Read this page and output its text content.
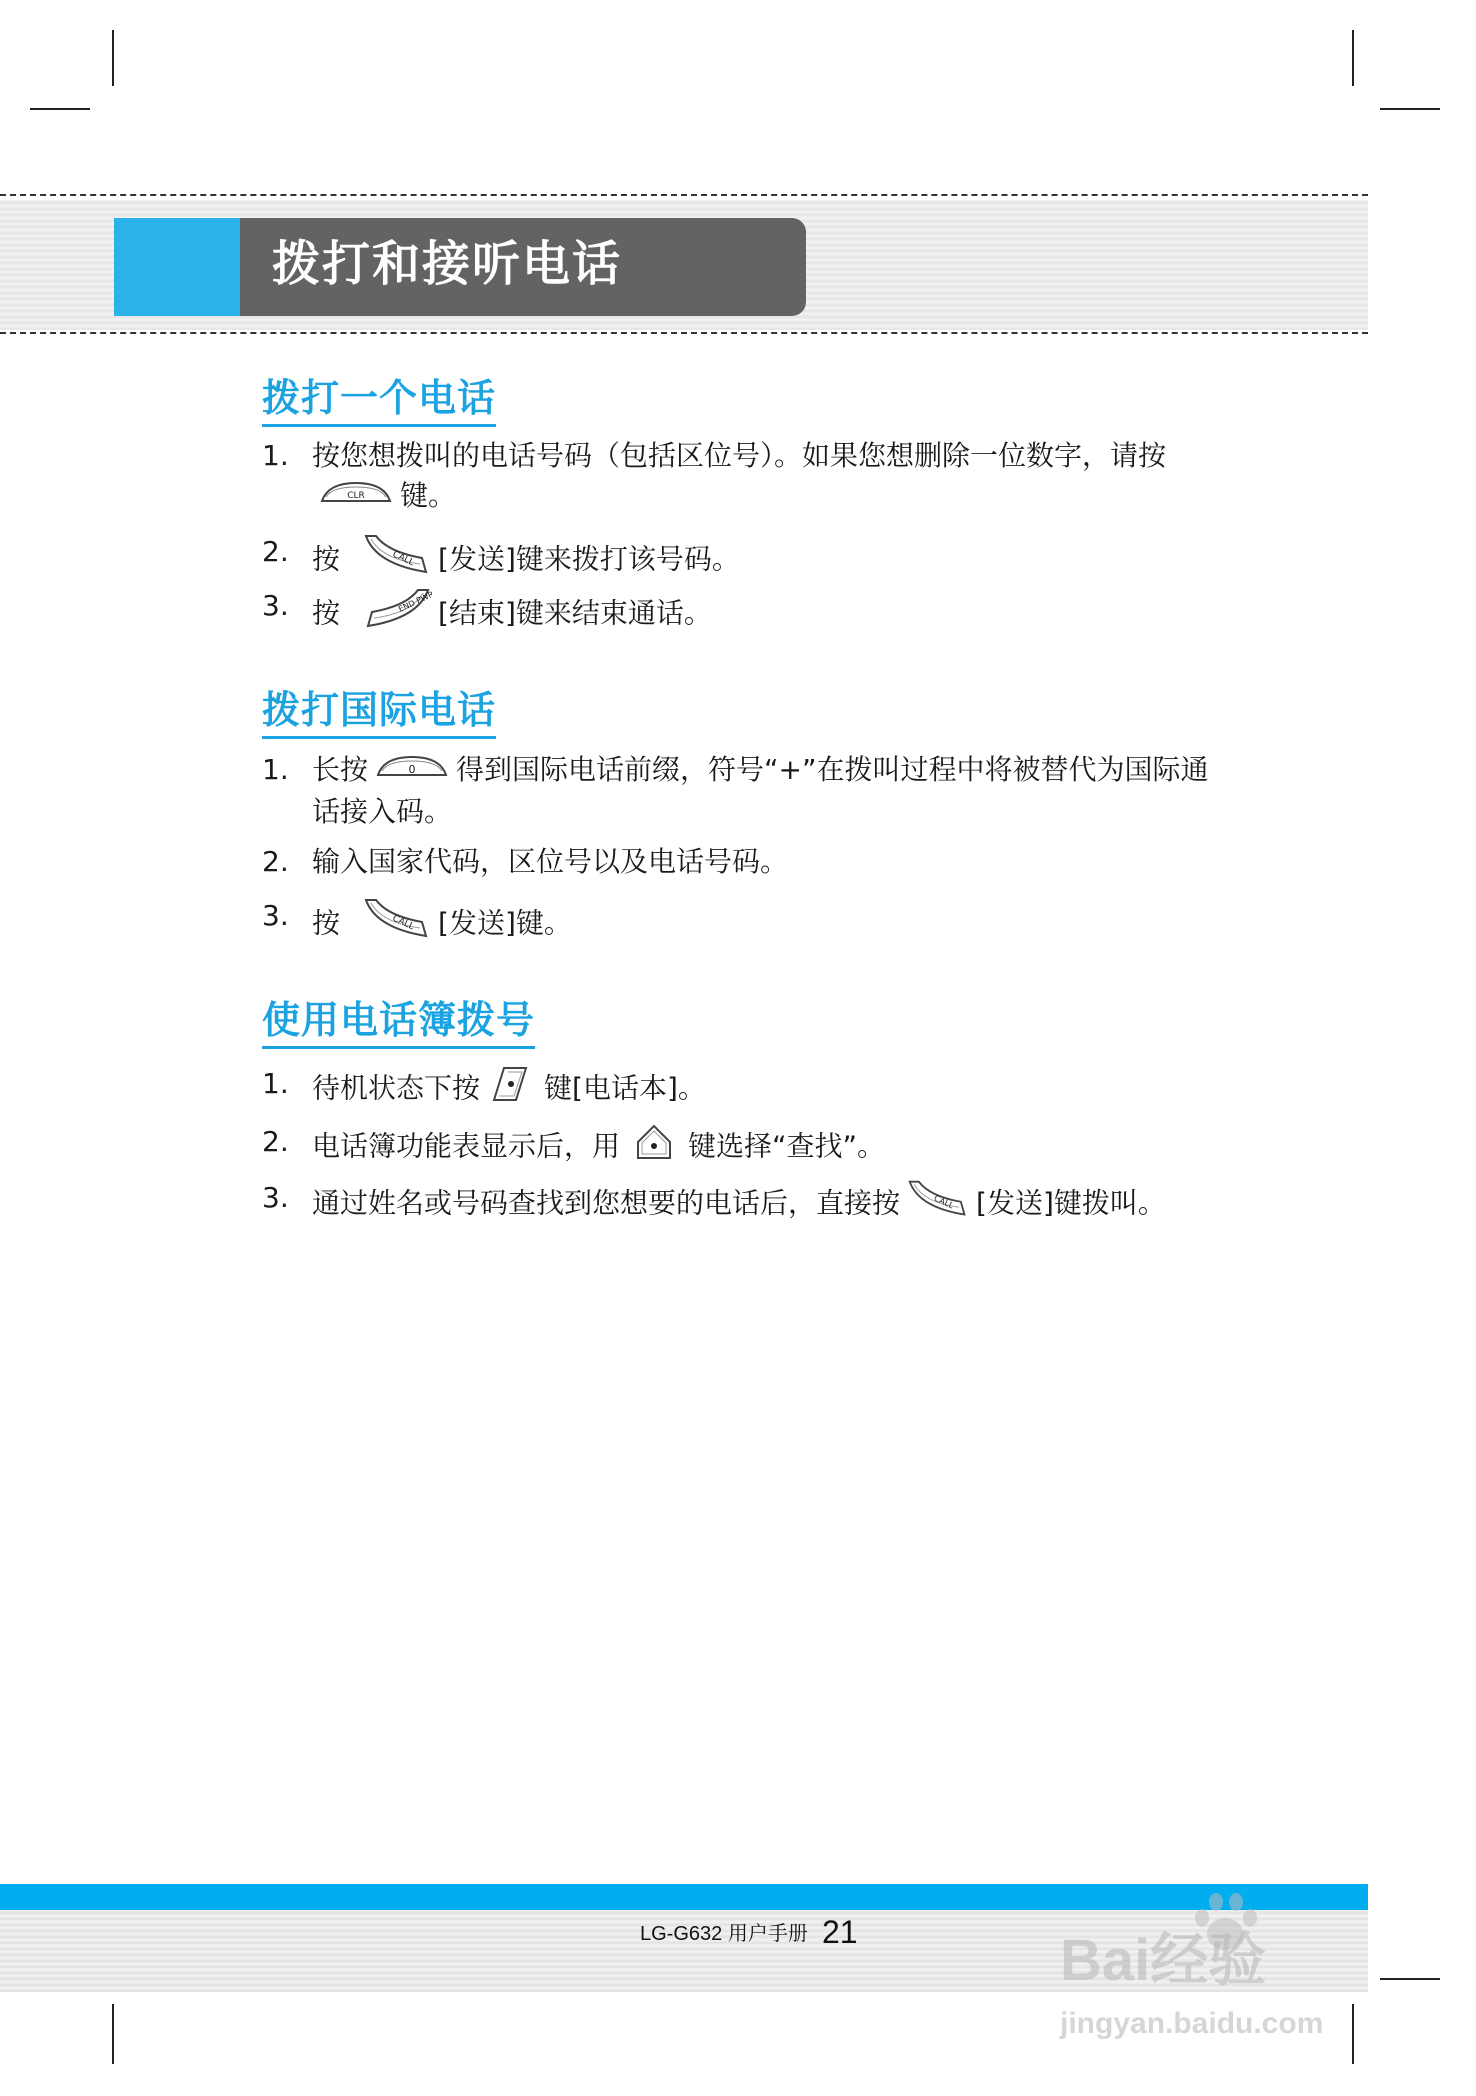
拨打和接听电话
拨打一个电话
1. 按您想拨叫的电话号码（包括区位号）。如果您想删除一位数字，请按
CLR 键。
2. 按	CALL [发送]键来拨打该号码。
3. 按	END PWR [结束]键来结束通话。
拨打国际电话
1. 长按	0 得到国际电话前缀，符号“+”在拨叫过程中将被替代为国际通话接入码。
2. 输入国家代码，区位号以及电话号码。
3. 按	CALL [发送]键。
使用电话簿拨号
1. 待机状态下按 键[电话本]。
2. 电话簿功能表显示后，用 键选择“查找”。
3. 通过姓名或号码查找到您想要的电话后，直接按	CALL [发送]键拨叫。
LG-G632 用户手册 21	Bai经验
jingyan.baidu.com
